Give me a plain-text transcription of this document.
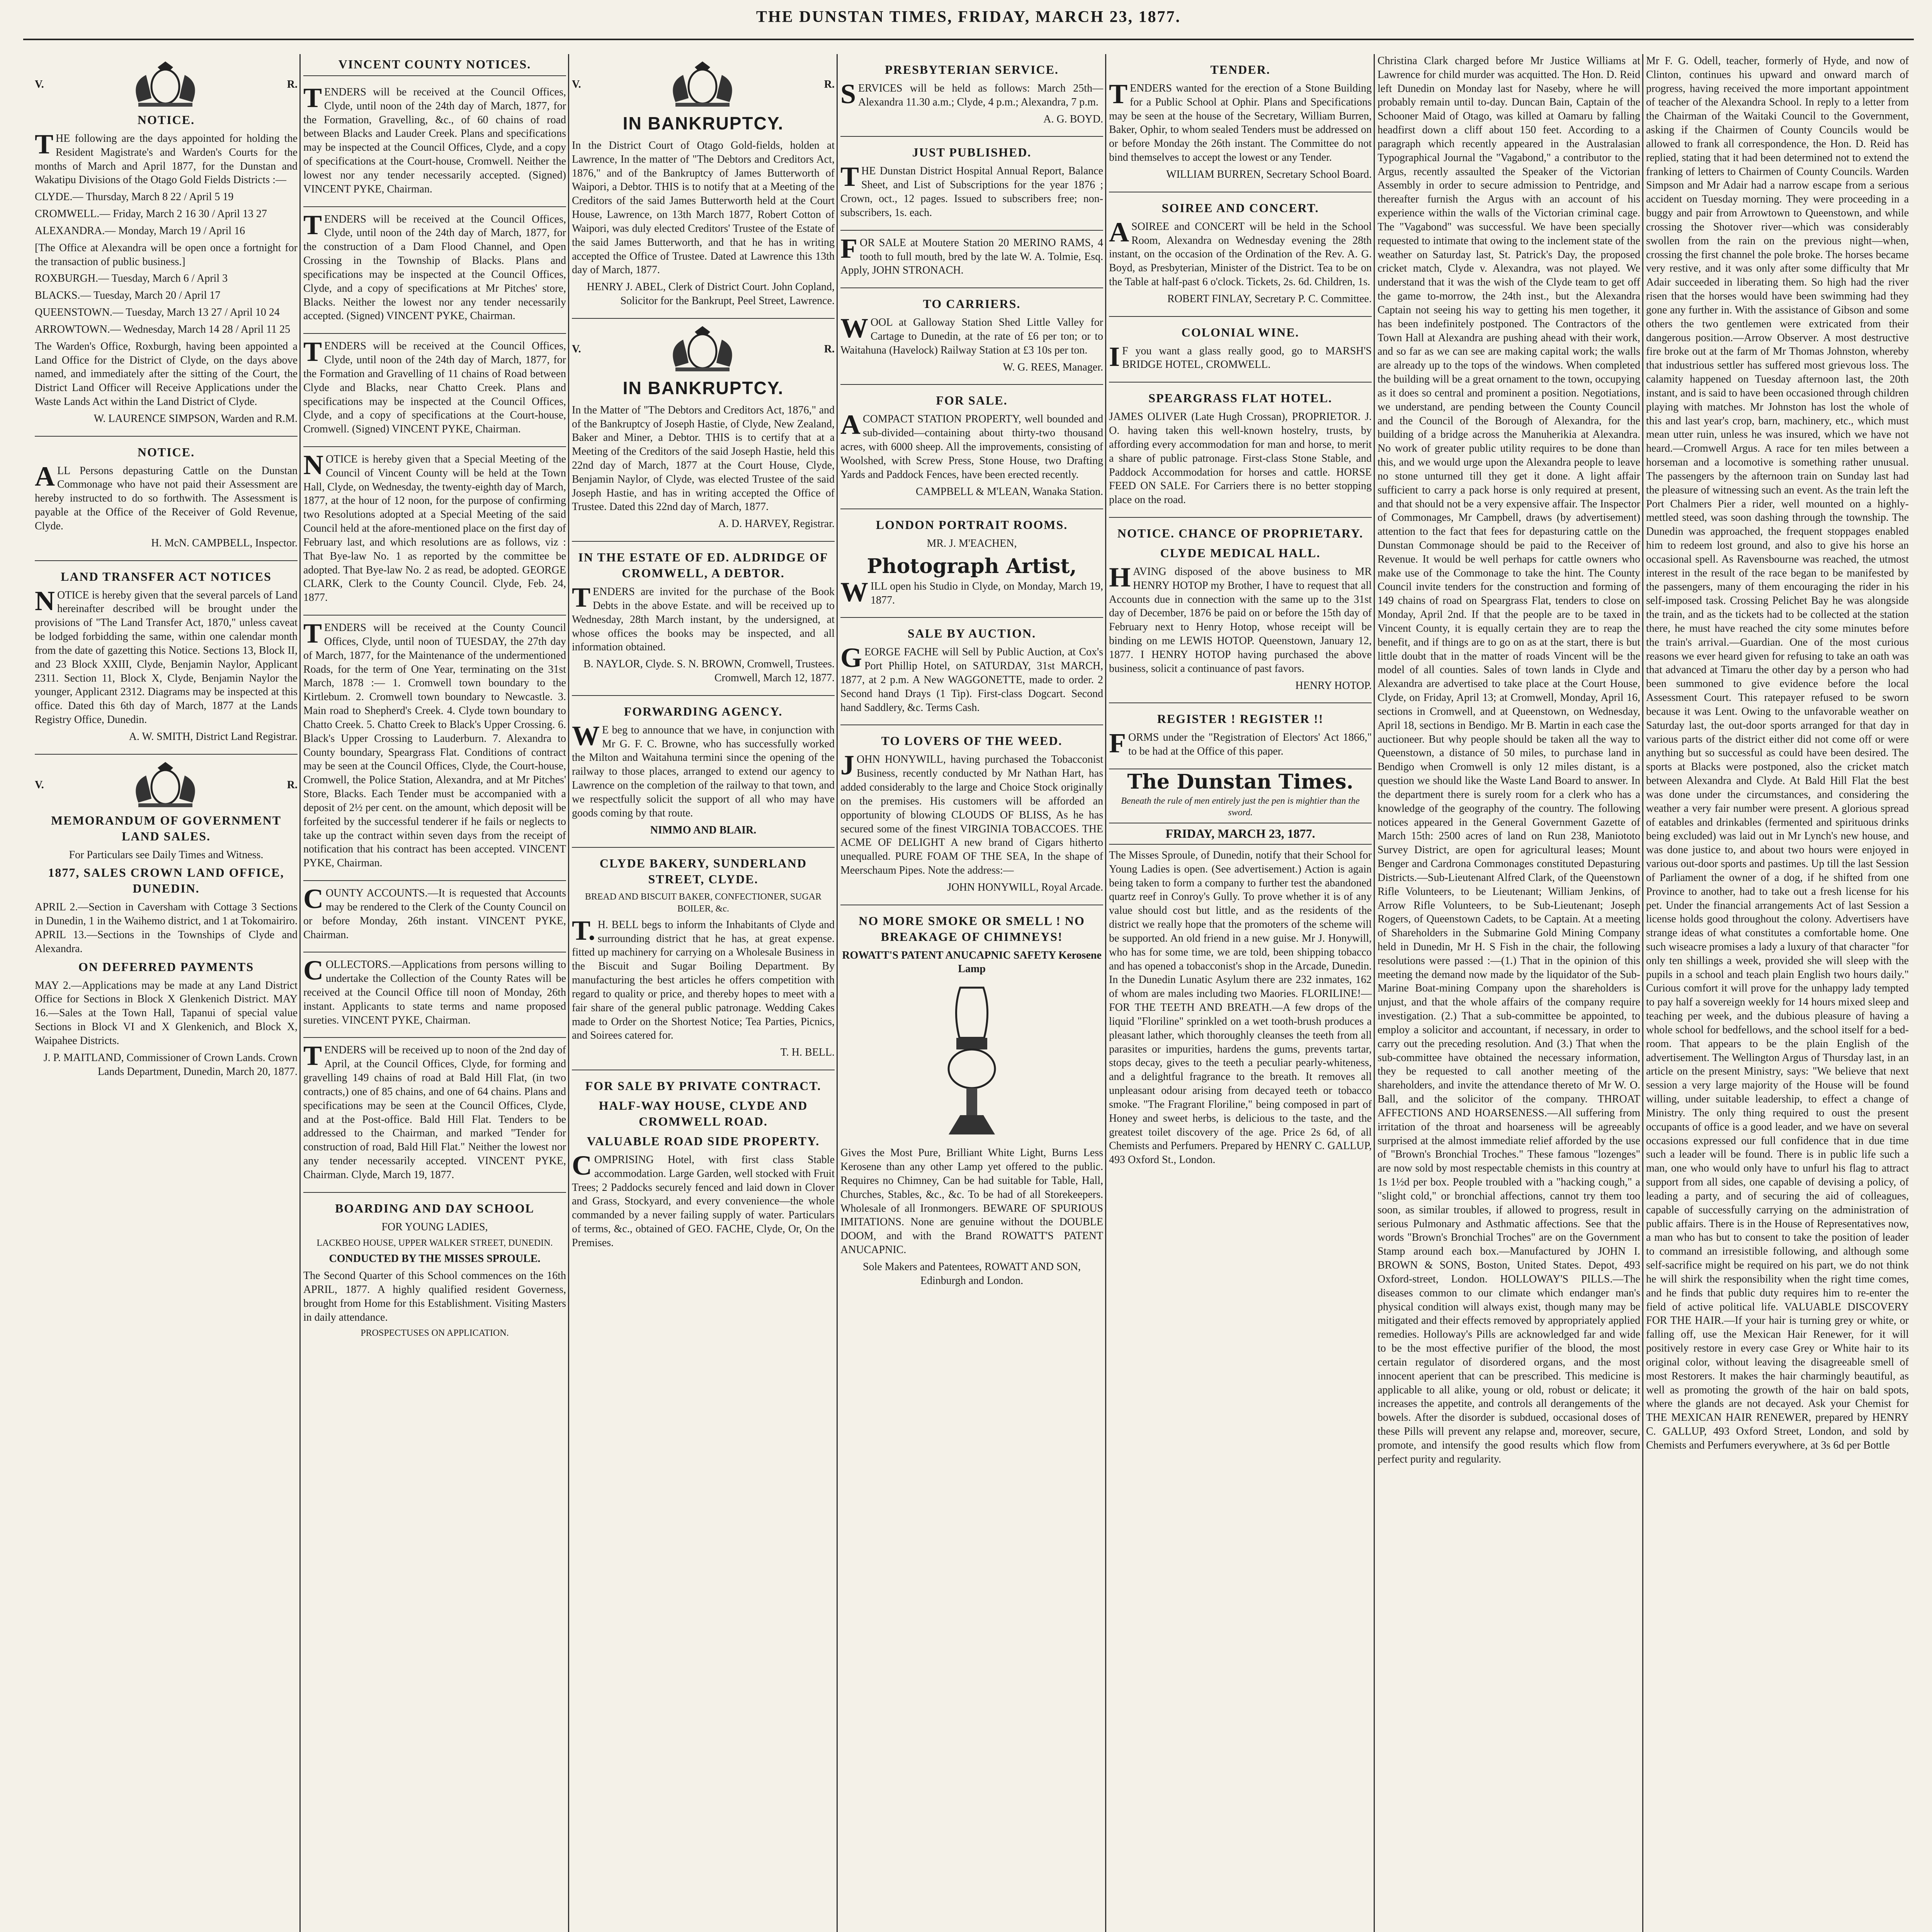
THE DUNSTAN TIMES, FRIDAY, MARCH 23, 1877.
V.	R.
NOTICE.

THE following are the days appointed for holding the Resident Magistrate's and Warden's Courts for the months of March and April 1877, for the Dunstan and Wakatipu Divisions of the Otago Gold Fields Districts :—

CLYDE.— Thursday, March 8 22 / April 5 19

CROMWELL.— Friday, March 2 16 30 / April 13 27

ALEXANDRA.— Monday, March 19 / April 16

[The Office at Alexandra will be open once a fortnight for the transaction of public business.]

ROXBURGH.— Tuesday, March 6 / April 3

BLACKS.— Tuesday, March 20 / April 17

QUEENSTOWN.— Tuesday, March 13 27 / April 10 24

ARROWTOWN.— Wednesday, March 14 28 / April 11 25

The Warden's Office, Roxburgh, having been appointed a Land Office for the District of Clyde, on the days above named, and immediately after the sitting of the Court, the District Land Officer will Receive Applications under the Waste Lands Act within the Land District of Clyde.

W. LAURENCE SIMPSON, Warden and R.M.

NOTICE.

ALL Persons depasturing Cattle on the Dunstan Commonage who have not paid their Assessment are hereby instructed to do so forthwith. The Assessment is payable at the Office of the Receiver of Gold Revenue, Clyde.

H. McN. CAMPBELL, Inspector.

LAND TRANSFER ACT NOTICES

NOTICE is hereby given that the several parcels of Land hereinafter described will be brought under the provisions of "The Land Transfer Act, 1870," unless caveat be lodged forbidding the same, within one calendar month from the date of gazetting this Notice. Sections 13, Block II, and 23 Block XXIII, Clyde, Benjamin Naylor, Applicant 2311. Section 11, Block X, Clyde, Benjamin Naylor the younger, Applicant 2312. Diagrams may be inspected at this office. Dated this 6th day of March, 1877 at the Lands Registry Office, Dunedin.

A. W. SMITH, District Land Registrar.

V.	R.
MEMORANDUM OF GOVERNMENT LAND SALES.

For Particulars see Daily Times and Witness.

1877, SALES CROWN LAND OFFICE, DUNEDIN.

APRIL 2.—Section in Caversham with Cottage 3 Sections in Dunedin, 1 in the Waihemo district, and 1 at Tokomairiro. APRIL 13.—Sections in the Townships of Clyde and Alexandra.

ON DEFERRED PAYMENTS

MAY 2.—Applications may be made at any Land District Office for Sections in Block X Glenkenich District. MAY 16.—Sales at the Town Hall, Tapanui of special value Sections in Block VI and X Glenkenich, and Block X, Waipahee Districts.

J. P. MAITLAND, Commissioner of Crown Lands. Crown Lands Department, Dunedin, March 20, 1877.

VINCENT COUNTY NOTICES.

TENDERS will be received at the Council Offices, Clyde, until noon of the 24th day of March, 1877, for the Formation, Gravelling, &c., of 60 chains of road between Blacks and Lauder Creek. Plans and specifications may be inspected at the Council Offices, Clyde, and a copy of specifications at the Court-house, Cromwell. Neither the lowest nor any tender necessarily accepted. (Signed) VINCENT PYKE, Chairman.

TENDERS will be received at the Council Offices, Clyde, until noon of the 24th day of March, 1877, for the construction of a Dam Flood Channel, and Open Crossing in the Township of Blacks. Plans and specifications may be inspected at the Council Offices, Clyde, and a copy of specifications at Mr Pitches' store, Blacks. Neither the lowest nor any tender necessarily accepted. (Signed) VINCENT PYKE, Chairman.

TENDERS will be received at the Council Offices, Clyde, until noon of the 24th day of March, 1877, for the Formation and Gravelling of 11 chains of Road between Clyde and Blacks, near Chatto Creek. Plans and specifications may be inspected at the Council Offices, Clyde, and a copy of specifications at the Court-house, Cromwell. (Signed) VINCENT PYKE, Chairman.

NOTICE is hereby given that a Special Meeting of the Council of Vincent County will be held at the Town Hall, Clyde, on Wednesday, the twenty-eighth day of March, 1877, at the hour of 12 noon, for the purpose of confirming two Resolutions adopted at a Special Meeting of the said Council held at the afore-mentioned place on the first day of February last, and which resolutions are as follows, viz : That Bye-law No. 1 as reported by the committee be adopted. That Bye-law No. 2 as read, be adopted. GEORGE CLARK, Clerk to the County Council. Clyde, Feb. 24, 1877.

TENDERS will be received at the County Council Offices, Clyde, until noon of TUESDAY, the 27th day of March, 1877, for the Maintenance of the undermentioned Roads, for the term of One Year, terminating on the 31st March, 1878 :— 1. Cromwell town boundary to the Kirtlebum. 2. Cromwell town boundary to Newcastle. 3. Main road to Shepherd's Creek. 4. Clyde town boundary to Chatto Creek. 5. Chatto Creek to Black's Upper Crossing. 6. Black's Upper Crossing to Lauderburn. 7. Alexandra to County boundary, Speargrass Flat. Conditions of contract may be seen at the Council Offices, Clyde, the Court-house, Cromwell, the Police Station, Alexandra, and at Mr Pitches' Store, Blacks. Each Tender must be accompanied with a deposit of 2½ per cent. on the amount, which deposit will be forfeited by the successful tenderer if he fails or neglects to take up the contract within seven days from the receipt of notification that his contract has been accepted. VINCENT PYKE, Chairman.

COUNTY ACCOUNTS.—It is requested that Accounts may be rendered to the Clerk of the County Council on or before Monday, 26th instant. VINCENT PYKE, Chairman.

COLLECTORS.—Applications from persons willing to undertake the Collection of the County Rates will be received at the Council Office till noon of Monday, 26th instant. Applicants to state terms and name proposed sureties. VINCENT PYKE, Chairman.

TENDERS will be received up to noon of the 2nd day of April, at the Council Offices, Clyde, for forming and gravelling 149 chains of road at Bald Hill Flat, (in two contracts,) one of 85 chains, and one of 64 chains. Plans and specifications may be seen at the Council Offices, Clyde, and at the Post-office. Bald Hill Flat. Tenders to be addressed to the Chairman, and marked "Tender for construction of road, Bald Hill Flat." Neither the lowest nor any tender necessarily accepted. VINCENT PYKE, Chairman. Clyde, March 19, 1877.

BOARDING AND DAY SCHOOL

FOR YOUNG LADIES,

LACKBEO HOUSE, UPPER WALKER STREET, DUNEDIN.

CONDUCTED BY THE MISSES SPROULE.

The Second Quarter of this School commences on the 16th APRIL, 1877. A highly qualified resident Governess, brought from Home for this Establishment. Visiting Masters in daily attendance.

PROSPECTUSES ON APPLICATION.

V.	R.
IN BANKRUPTCY.

In the District Court of Otago Gold-fields, holden at Lawrence, In the matter of "The Debtors and Creditors Act, 1876," and of the Bankruptcy of James Butterworth of Waipori, a Debtor. THIS is to notify that at a Meeting of the Creditors of the said James Butterworth held at the Court House, Lawrence, on 13th March 1877, Robert Cotton of Waipori, was duly elected Creditors' Trustee of the Estate of the said James Butterworth, and that he has in writing accepted the Office of Trustee. Dated at Lawrence this 13th day of March, 1877.

HENRY J. ABEL, Clerk of District Court. John Copland, Solicitor for the Bankrupt, Peel Street, Lawrence.

V.	R.
IN BANKRUPTCY.

In the Matter of "The Debtors and Creditors Act, 1876," and of the Bankruptcy of Joseph Hastie, of Clyde, New Zealand, Baker and Miner, a Debtor. THIS is to certify that at a Meeting of the Creditors of the said Joseph Hastie, held this 22nd day of March, 1877 at the Court House, Clyde, Benjamin Naylor, of Clyde, was elected Trustee of the said Joseph Hastie, and has in writing accepted the Office of Trustee. Dated this 22nd day of March, 1877.

A. D. HARVEY, Registrar.

IN THE ESTATE OF ED. ALDRIDGE OF CROMWELL, A DEBTOR.

TENDERS are invited for the purchase of the Book Debts in the above Estate. and will be received up to Wednesday, 28th March instant, by the undersigned, at whose offices the books may be inspected, and all information obtained.

B. NAYLOR, Clyde. S. N. BROWN, Cromwell, Trustees. Cromwell, March 12, 1877.

FORWARDING AGENCY.

WE beg to announce that we have, in conjunction with Mr G. F. C. Browne, who has successfully worked the Milton and Waitahuna termini since the opening of the railway to those places, arranged to extend our agency to Lawrence on the completion of the railway to that town, and we respectfully solicit the support of all who may have goods coming by that route.

NIMMO AND BLAIR.

CLYDE BAKERY, SUNDERLAND STREET, CLYDE.

BREAD AND BISCUIT BAKER, CONFECTIONER, SUGAR BOILER, &c.

T.H. BELL begs to inform the Inhabitants of Clyde and surrounding district that he has, at great expense. fitted up machinery for carrying on a Wholesale Business in the Biscuit and Sugar Boiling Department. By manufacturing the best articles he offers competition with regard to quality or price, and thereby hopes to meet with a fair share of the general public patronage. Wedding Cakes made to Order on the Shortest Notice; Tea Parties, Picnics, and Soirees catered for.

T. H. BELL.

FOR SALE BY PRIVATE CONTRACT.
HALF-WAY HOUSE, CLYDE AND CROMWELL ROAD.
VALUABLE ROAD SIDE PROPERTY.

COMPRISING Hotel, with first class Stable accommodation. Large Garden, well stocked with Fruit Trees; 2 Paddocks securely fenced and laid down in Clover and Grass, Stockyard, and every convenience—the whole commanded by a never failing supply of water. Particulars of terms, &c., obtained of GEO. FACHE, Clyde, Or, On the Premises.

PRESBYTERIAN SERVICE.

SERVICES will be held as follows: March 25th—Alexandra 11.30 a.m.; Clyde, 4 p.m.; Alexandra, 7 p.m.

A. G. BOYD.

JUST PUBLISHED.

THE Dunstan District Hospital Annual Report, Balance Sheet, and List of Subscriptions for the year 1876 ; Crown, oct., 12 pages. Issued to subscribers free; non-subscribers, 1s. each.

FOR SALE at Moutere Station 20 MERINO RAMS, 4 tooth to full mouth, bred by the late W. A. Tolmie, Esq. Apply, JOHN STRONACH.

TO CARRIERS.

WOOL at Galloway Station Shed Little Valley for Cartage to Dunedin, at the rate of £6 per ton; or to Waitahuna (Havelock) Railway Station at £3 10s per ton.

W. G. REES, Manager.

FOR SALE.

ACOMPACT STATION PROPERTY, well bounded and sub-divided—containing about thirty-two thousand acres, with 6000 sheep. All the improvements, consisting of Woolshed, with Screw Press, Stone House, two Drafting Yards and Paddock Fences, have been erected recently.

CAMPBELL & M'LEAN, Wanaka Station.

LONDON PORTRAIT ROOMS.

MR. J. M'EACHEN,

Photograph Artist,

WILL open his Studio in Clyde, on Monday, March 19, 1877.

SALE BY AUCTION.

GEORGE FACHE will Sell by Public Auction, at Cox's Port Phillip Hotel, on SATURDAY, 31st MARCH, 1877, at 2 p.m. A New WAGGONETTE, made to order. 2 Second hand Drays (1 Tip). First-class Dogcart. Second hand Saddlery, &c. Terms Cash.

TO LOVERS OF THE WEED.

JOHN HONYWILL, having purchased the Tobacconist Business, recently conducted by Mr Nathan Hart, has added considerably to the large and Choice Stock originally on the premises. His customers will be afforded an opportunity of blowing CLOUDS OF BLISS, As he has secured some of the finest VIRGINIA TOBACCOES. THE ACME OF DELIGHT A new brand of Cigars hitherto unequalled. PURE FOAM OF THE SEA, In the shape of Meerschaum Pipes. Note the address:—

JOHN HONYWILL, Royal Arcade.

NO MORE SMOKE OR SMELL ! NO BREAKAGE OF CHIMNEYS!

ROWATT'S PATENT ANUCAPNIC SAFETY Kerosene Lamp

Gives the Most Pure, Brilliant White Light, Burns Less Kerosene than any other Lamp yet offered to the public. Requires no Chimney, Can be had suitable for Table, Hall, Churches, Stables, &c., &c. To be had of all Storekeepers. Wholesale of all Ironmongers. BEWARE OF SPURIOUS IMITATIONS. None are genuine without the DOUBLE DOOM, and with the Brand ROWATT'S PATENT ANUCAPNIC.

Sole Makers and Patentees, ROWATT AND SON, Edinburgh and London.

TENDER.

TENDERS wanted for the erection of a Stone Building for a Public School at Ophir. Plans and Specifications may be seen at the house of the Secretary, William Burren, Baker, Ophir, to whom sealed Tenders must be addressed on or before Monday the 26th instant. The Committee do not bind themselves to accept the lowest or any Tender.

WILLIAM BURREN, Secretary School Board.

SOIREE AND CONCERT.

ASOIREE and CONCERT will be held in the School Room, Alexandra on Wednesday evening the 28th instant, on the occasion of the Ordination of the Rev. A. G. Boyd, as Presbyterian, Minister of the District. Tea to be on the Table at half-past 6 o'clock. Tickets, 2s. 6d. Children, 1s.

ROBERT FINLAY, Secretary P. C. Committee.

COLONIAL WINE.

IF you want a glass really good, go to MARSH'S BRIDGE HOTEL, CROMWELL.

SPEARGRASS FLAT HOTEL.

JAMES OLIVER (Late Hugh Crossan), PROPRIETOR. J. O. having taken this well-known hostelry, trusts, by affording every accommodation for man and horse, to merit a share of public patronage. First-class Stone Stable, and Paddock Accommodation for horses and cattle. HORSE FEED ON SALE. For Carriers there is no better stopping place on the road.

NOTICE. CHANCE OF PROPRIETARY.
CLYDE MEDICAL HALL.

HAVING disposed of the above business to MR HENRY HOTOP my Brother, I have to request that all Accounts due in connection with the same up to the 31st day of December, 1876 be paid on or before the 15th day of February next to Henry Hotop, whose receipt will be binding on me LEWIS HOTOP. Queenstown, January 12, 1877. I HENRY HOTOP having purchased the above business, solicit a continuance of past favors.

HENRY HOTOP.

REGISTER ! REGISTER !!

FORMS under the "Registration of Electors' Act 1866," to be had at the Office of this paper.

The Dunstan Times.

Beneath the rule of men entirely just the pen is mightier than the sword.

FRIDAY, MARCH 23, 1877.

The Misses Sproule, of Dunedin, notify that their School for Young Ladies is open. (See advertisement.) Action is again being taken to form a company to further test the abandoned quartz reef in Conroy's Gully. To prove whether it is of any value should cost but little, and as the residents of the district we really hope that the promoters of the scheme will be supported. An old friend in a new guise. Mr J. Honywill, who has for some time, we are told, been shipping tobacco and has opened a tobacconist's shop in the Arcade, Dunedin. In the Dunedin Lunatic Asylum there are 232 inmates, 162 of whom are males including two Maories. FLORILINE!—FOR THE TEETH AND BREATH.—A few drops of the liquid "Floriline" sprinkled on a wet tooth-brush produces a pleasant lather, which thoroughly cleanses the teeth from all parasites or impurities, hardens the gums, prevents tartar, stops decay, gives to the teeth a peculiar pearly-whiteness, and a delightful fragrance to the breath. It removes all unpleasant odour arising from decayed teeth or tobacco smoke. "The Fragrant Floriline," being composed in part of Honey and sweet herbs, is delicious to the taste, and the greatest toilet discovery of the age. Price 2s 6d, of all Chemists and Perfumers. Prepared by HENRY C. GALLUP, 493 Oxford St., London.

Christina Clark charged before Mr Justice Williams at Lawrence for child murder was acquitted. The Hon. D. Reid left Dunedin on Monday last for Naseby, where he will probably remain until to-day. Duncan Bain, Captain of the Schooner Maid of Otago, was killed at Oamaru by falling headfirst down a cliff about 150 feet. According to a paragraph which recently appeared in the Australasian Typographical Journal the "Vagabond," a contributor to the Argus, recently assaulted the Speaker of the Victorian Assembly in order to secure admission to Pentridge, and thereafter furnish the Argus with an account of his experience within the walls of the Victorian criminal cage. The "Vagabond" was successful. We have been specially requested to intimate that owing to the inclement state of the weather on Saturday last, St. Patrick's Day, the proposed cricket match, Clyde v. Alexandra, was not played. We understand that it was the wish of the Clyde team to get off the game to-morrow, the 24th inst., but the Alexandra Captain not seeing his way to getting his men together, it has been indefinitely postponed. The Contractors of the Town Hall at Alexandra are pushing ahead with their work, and so far as we can see are making capital work; the walls are already up to the tops of the windows. When completed the building will be a great ornament to the town, occupying as it does so central and prominent a position. Negotiations, we understand, are pending between the County Council and the Council of the Borough of Alexandra, for the building of a bridge across the Manuherikia at Alexandra. No work of greater public utility requires to be done than this, and we would urge upon the Alexandra people to leave no stone unturned till they get it done. A light affair sufficient to carry a pack horse is only required at present, and that should not be a very expensive affair. The Inspector of Commonages, Mr Campbell, draws (by advertisement) attention to the fact that fees for depasturing cattle on the Dunstan Commonage should be paid to the Receiver of Revenue. It would be well perhaps for cattle owners who make use of the Commonage to take the hint. The County Council invite tenders for the construction and forming of 149 chains of road on Speargrass Flat, tenders to close on Monday, April 2nd. If that the people are to be taxed in Vincent County, it is equally certain they are to reap the benefit, and if things are to go on as at the start, there is but little doubt that in the matter of roads Vincent will be the model of all counties. Sales of town lands in Clyde and Alexandra are advertised to take place at the Court House, Clyde, on Friday, April 13; at Cromwell, Monday, April 16, sections in Cromwell, and at Queenstown, on Wednesday, April 18, sections in Bendigo. Mr B. Martin in each case the auctioneer. But why people should be taken all the way to Queenstown, a distance of 50 miles, to purchase land in Bendigo when Cromwell is only 12 miles distant, is a question we should like the Waste Land Board to answer. In the department there is surely room for a clerk who has a knowledge of the geography of the country. The following notices appeared in the General Government Gazette of March 15th: 2500 acres of land on Run 238, Maniototo Survey District, are open for agricultural leases; Mount Benger and Cardrona Commonages constituted Depasturing Districts.—Sub-Lieutenant Alfred Clark, of the Queenstown Rifle Volunteers, to be Lieutenant; William Jenkins, of Arrow Rifle Volunteers, to be Sub-Lieutenant; Joseph Rogers, of Queenstown Cadets, to be Captain. At a meeting of Shareholders in the Submarine Gold Mining Company held in Dunedin, Mr H. S Fish in the chair, the following resolutions were passed :—(1.) That in the opinion of this meeting the demand now made by the liquidator of the Sub-Marine Boat-mining Company upon the shareholders is unjust, and that the whole affairs of the company require investigation. (2.) That a sub-committee be appointed, to employ a solicitor and accountant, if necessary, in order to carry out the preceding resolution. And (3.) That when the sub-committee have obtained the necessary information, they be requested to call another meeting of the shareholders, and invite the attendance thereto of Mr W. O. Ball, and the solicitor of the company. THROAT AFFECTIONS AND HOARSENESS.—All suffering from irritation of the throat and hoarseness will be agreeably surprised at the almost immediate relief afforded by the use of "Brown's Bronchial Troches." These famous "lozenges" are now sold by most respectable chemists in this country at 1s 1½d per box. People troubled with a "hacking cough," a "slight cold," or bronchial affections, cannot try them too soon, as similar troubles, if allowed to progress, result in serious Pulmonary and Asthmatic affections. See that the words "Brown's Bronchial Troches" are on the Government Stamp around each box.—Manufactured by JOHN I. BROWN & SONS, Boston, United States. Depot, 493 Oxford-street, London. HOLLOWAY'S PILLS.—The diseases common to our climate which endanger man's physical condition will always exist, though many may be mitigated and their effects removed by appropriately applied remedies. Holloway's Pills are acknowledged far and wide to be the most effective purifier of the blood, the most certain regulator of disordered organs, and the most innocent aperient that can be prescribed. This medicine is applicable to all alike, young or old, robust or delicate; it increases the appetite, and controls all derangements of the bowels. After the disorder is subdued, occasional doses of these Pills will prevent any relapse and, moreover, secure, promote, and intensify the good results which flow from perfect purity and regularity.

Mr F. G. Odell, teacher, formerly of Hyde, and now of Clinton, continues his upward and onward march of progress, having received the more important appointment of teacher of the Alexandra School. In reply to a letter from the Chairman of the Waitaki Council to the Government, asking if the Chairmen of County Councils would be allowed to frank all correspondence, the Hon. D. Reid has replied, stating that it had been determined not to extend the franking of letters to Chairmen of County Councils. Warden Simpson and Mr Adair had a narrow escape from a serious accident on Tuesday morning. They were proceeding in a buggy and pair from Arrowtown to Queenstown, and while crossing the Shotover river—which was considerably swollen from the rain on the previous night—when, crossing the first channel the pole broke. The horses became very restive, and it was only after some difficulty that Mr Adair succeeded in liberating them. So high had the river risen that the horses would have been swimming had they gone any further in. With the assistance of Gibson and some others the two gentlemen were extricated from their dangerous position.—Arrow Observer. A most destructive fire broke out at the farm of Mr Thomas Johnston, whereby that industrious settler has suffered most grievous loss. The calamity happened on Tuesday afternoon last, the 20th instant, and is said to have been occasioned through children playing with matches. Mr Johnston has lost the whole of this and last year's crop, barn, machinery, etc., which must mean utter ruin, unless he was insured, which we have not heard.—Cromwell Argus. A race for ten miles between a horseman and a locomotive is something rather unusual. The passengers by the afternoon train on Sunday last had the pleasure of witnessing such an event. As the train left the Port Chalmers Pier a rider, well mounted on a highly-mettled steed, was soon dashing through the township. The Dunedin was approached, the frequent stoppages enabled him to redeem lost ground, and also to give his horse an occasional spell. As Ravensbourne was reached, the utmost interest in the result of the race began to be manifested by the passengers, many of them encouraging the rider in his self-imposed task. Crossing Pelichet Bay he was alongside the train, and as the tickets had to be collected at the station there, he must have reached the city some minutes before the train's arrival.—Guardian. One of the most curious reasons we ever heard given for refusing to take an oath was that advanced at Timaru the other day by a person who had been summoned to give evidence before the local Assessment Court. This ratepayer refused to be sworn because it was Lent. Owing to the unfavorable weather on Saturday last, the out-door sports arranged for that day in various parts of the district either did not come off or were anything but so successful as could have been desired. The sports at Blacks were postponed, also the cricket match between Alexandra and Clyde. At Bald Hill Flat the best was done under the circumstances, and considering the weather a very fair number were present. A glorious spread of eatables and drinkables (fermented and spirituous drinks being excluded) was laid out in Mr Lynch's new house, and was done justice to, and about two hours were enjoyed in various out-door sports and pastimes. Up till the last Session of Parliament the owner of a dog, if he shifted from one Province to another, had to take out a fresh license for his pet. Under the financial arrangements Act of last Session a license holds good throughout the colony. Advertisers have strange ideas of what constitutes a comfortable home. One such wiseacre promises a lady a luxury of that character "for only ten shillings a week, provided she will sleep with the pupils in a school and teach plain English two hours daily." Curious comfort it will prove for the unhappy lady tempted to pay half a sovereign weekly for 14 hours mixed sleep and teaching per week, and the dubious pleasure of having a whole school for bedfellows, and the school itself for a bed-room. That appears to be the plain English of the advertisement. The Wellington Argus of Thursday last, in an article on the present Ministry, says: "We believe that next session a very large majority of the House will be found willing, under suitable leadership, to effect a change of Ministry. The only thing required to oust the present occupants of office is a good leader, and we have on several occasions expressed our full confidence that in due time such a leader will be found. There is in public life such a man, one who would only have to unfurl his flag to attract support from all sides, one capable of devising a policy, of leading a party, and of securing the aid of colleagues, capable of successfully carrying on the administration of public affairs. There is in the House of Representatives now, a man who has but to consent to take the position of leader to command an irresistible following, and although some self-sacrifice might be required on his part, we do not think he will shirk the responsibility when the right time comes, and he finds that public duty requires him to re-enter the field of active political life. VALUABLE DISCOVERY FOR THE HAIR.—If your hair is turning grey or white, or falling off, use the Mexican Hair Renewer, for it will positively restore in every case Grey or White hair to its original color, without leaving the disagreeable smell of most Restorers. It makes the hair charmingly beautiful, as well as promoting the growth of the hair on bald spots, where the glands are not decayed. Ask your Chemist for THE MEXICAN HAIR RENEWER, prepared by HENRY C. GALLUP, 493 Oxford Street, London, and sold by Chemists and Perfumers everywhere, at 3s 6d per Bottle
